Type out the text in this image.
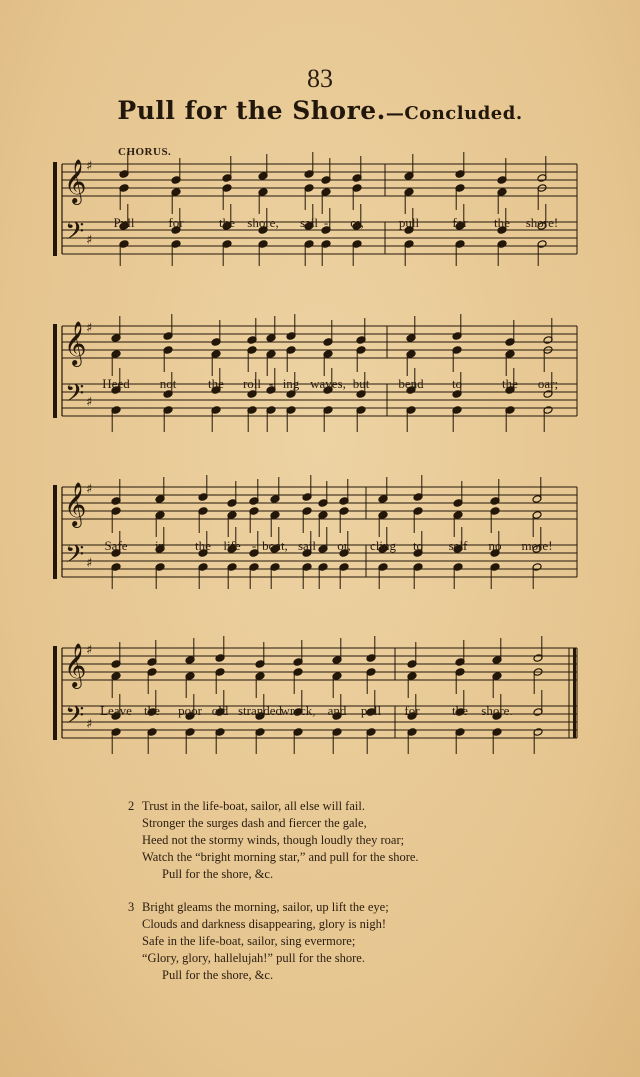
83
Pull for the Shore.—Concluded.
CHORUS.
𝄞
𝄢
♯
♯
𝄞
𝄢
♯
♯
𝄞
𝄢
♯
♯
𝄞
𝄢
♯
♯
Pull	for	the shore, sail - or,	pull	for the shore!
Heed not the roll - ing waves, but bend to	the oar;
Safe in the life - boat, sail - or, cling to self no more!
Leave the poor old stranded
wreck, and pull for the shore.
2 Trust in the life-boat, sailor, all else will fail.
Stronger the surges dash and fiercer the gale,
Heed not the stormy winds, though loudly they roar;
Watch the “bright morning star,” and pull for the shore.
Pull for the shore, &c.
3 Bright gleams the morning, sailor, up lift the eye;
Clouds and darkness disappearing, glory is nigh!
Safe in the life-boat, sailor, sing evermore;
“Glory, glory, hallelujah!” pull for the shore.
Pull for the shore, &c.
